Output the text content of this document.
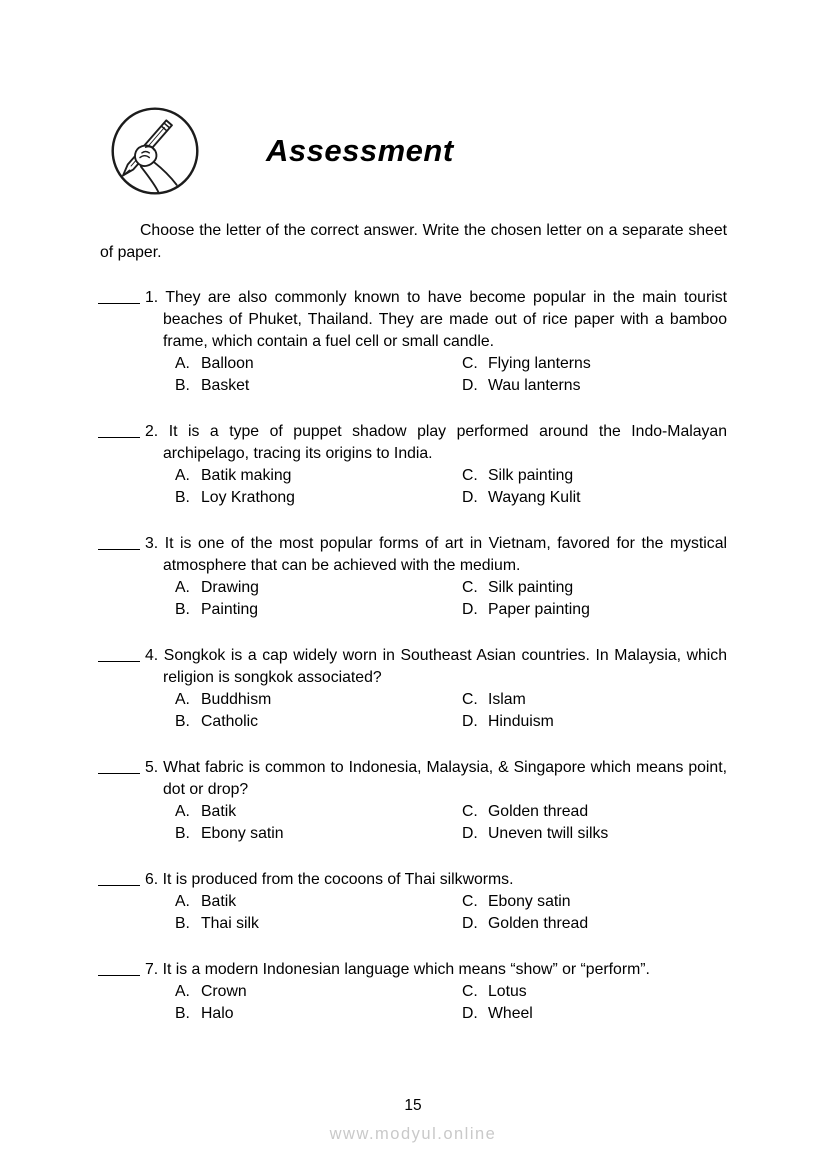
Assessment

Choose the letter of the correct answer. Write the chosen letter on a separate sheet of paper.

1. They are also commonly known to have become popular in the main tourist beaches of Phuket, Thailand. They are made out of rice paper with a bamboo frame, which contain a fuel cell or small candle.
A. Balloon	C. Flying lanterns
B. Basket	D. Wau lanterns
2. It is a type of puppet shadow play performed around the Indo-Malayan archipelago, tracing its origins to India.
A. Batik making	C. Silk painting
B. Loy Krathong	D. Wayang Kulit
3. It is one of the most popular forms of art in Vietnam, favored for the mystical atmosphere that can be achieved with the medium.
A. Drawing	C. Silk painting
B. Painting	D. Paper painting
4. Songkok is a cap widely worn in Southeast Asian countries. In Malaysia, which religion is songkok associated?
A. Buddhism	C. Islam
B. Catholic	D. Hinduism
5. What fabric is common to Indonesia, Malaysia, & Singapore which means point, dot or drop?
A. Batik	C. Golden thread
B. Ebony satin	D. Uneven twill silks
6. It is produced from the cocoons of Thai silkworms.
A. Batik	C. Ebony satin
B. Thai silk	D. Golden thread
7. It is a modern Indonesian language which means “show” or “perform”.
A. Crown	C. Lotus
B. Halo	D. Wheel
15
www.modyul.online
